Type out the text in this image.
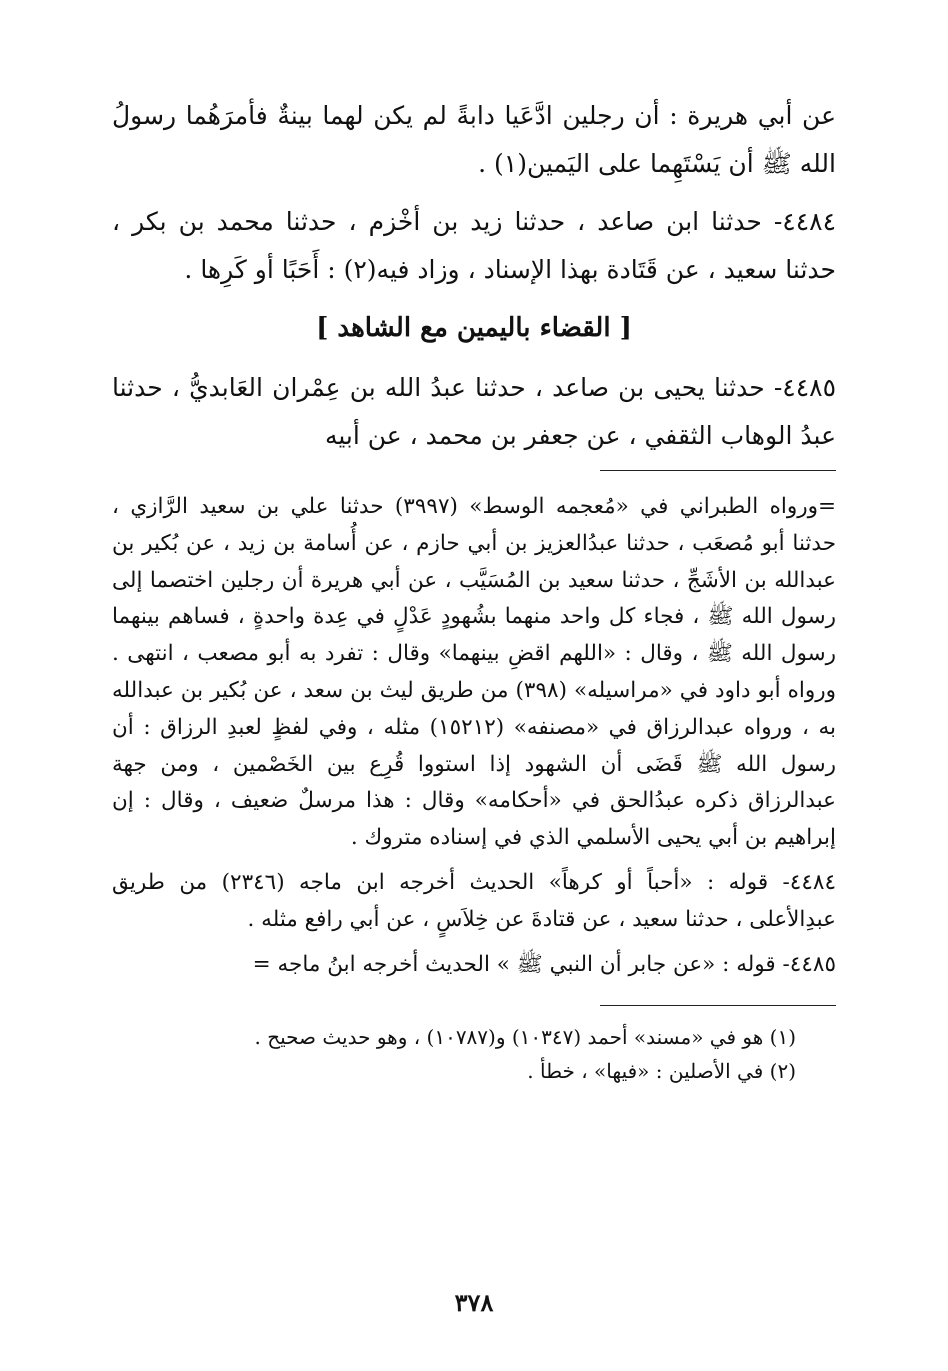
عن أبي هريرة : أن رجلين ادَّعَيا دابةً لم يكن لهما بينةٌ فأمرَهُما رسولُ الله ﷺ أن يَسْتَهِما على اليَمين(١) .

٤٤٨٤- حدثنا ابن صاعد ، حدثنا زيد بن أخْزم ، حدثنا محمد بن بكر ، حدثنا سعيد ، عن قَتَادة بهذا الإسناد ، وزاد فيه(٢) : أَحَبًا أو كَرِها .

[ القضاء باليمين مع الشاهد ]

٤٤٨٥- حدثنا يحيى بن صاعد ، حدثنا عبدُ الله بن عِمْران العَابديُّ ، حدثنا عبدُ الوهاب الثقفي ، عن جعفر بن محمد ، عن أبيه

=ورواه الطبراني في «مُعجمه الوسط» (٣٩٩٧) حدثنا علي بن سعيد الرَّازي ، حدثنا أبو مُصعَب ، حدثنا عبدُالعزيز بن أبي حازم ، عن أُسامة بن زيد ، عن بُكير بن عبدالله بن الأشَجِّ ، حدثنا سعيد بن المُسَيَّب ، عن أبي هريرة أن رجلين اختصما إلى رسول الله ﷺ ، فجاء كل واحد منهما بشُهودٍ عَدْلٍ في عِدة واحدةٍ ، فساهم بينهما رسول الله ﷺ ، وقال : «اللهم اقضِ بينهما» وقال : تفرد به أبو مصعب ، انتهى . ورواه أبو داود في «مراسيله» (٣٩٨) من طريق ليث بن سعد ، عن بُكير بن عبدالله به ، ورواه عبدالرزاق في «مصنفه» (١٥٢١٢) مثله ، وفي لفظٍ لعبدِ الرزاق : أن رسول الله ﷺ قَضَى أن الشهود إذا استووا قُرِع بين الخَصْمين ، ومن جهة عبدالرزاق ذكره عبدُالحق في «أحكامه» وقال : هذا مرسلٌ ضعيف ، وقال : إن إبراهيم بن أبي يحيى الأسلمي الذي في إسناده متروك .

٤٤٨٤- قوله : «أحباً أو كرهاً» الحديث أخرجه ابن ماجه (٢٣٤٦) من طريق عبدِالأعلى ، حدثنا سعيد ، عن قتادةَ عن خِلاَسٍ ، عن أبي رافع مثله .

٤٤٨٥- قوله : «عن جابر أن النبي ﷺ » الحديث أخرجه ابنُ ماجه =

(١) هو في «مسند» أحمد (١٠٣٤٧) و(١٠٧٨٧) ، وهو حديث صحيح .

(٢) في الأصلين : «فيها» ، خطأ .

٣٧٨
